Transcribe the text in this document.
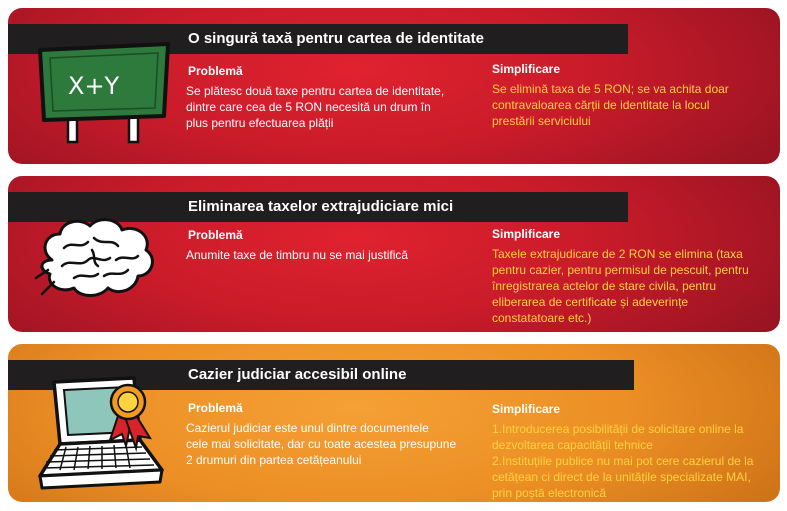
O singură taxă pentru cartea de identitate
X+Y
Problemă
Se plătesc două taxe pentru cartea de identitate,
dintre care cea de 5 RON necesită un drum în
plus pentru efectuarea plății
Simplificare
Se elimină taxa de 5 RON; se va achita doar
contravaloarea cărții de identitate la locul
prestării serviciului
Eliminarea taxelor extrajudiciare mici
Problemă
Anumite taxe de timbru nu se mai justifică
Simplificare
Taxele extrajudicare de 2 RON se elimina (taxa
pentru cazier, pentru permisul de pescuit, pentru
înregistrarea actelor de stare civila, pentru
eliberarea de certificate și adeverințe
constatatoare etc.)
Cazier judiciar accesibil online
Problemă
Cazierul judiciar este unul dintre documentele
cele mai solicitate, dar cu toate acestea presupune
2 drumuri din partea cetățeanului
Simplificare
1.Introducerea posibilității de solicitare online la
dezvoltarea capacității tehnice
2.Instituțiile publice nu mai pot cere cazierul de la
cetățean ci direct de la unitățile specializate MAI,
prin poștă electronică
